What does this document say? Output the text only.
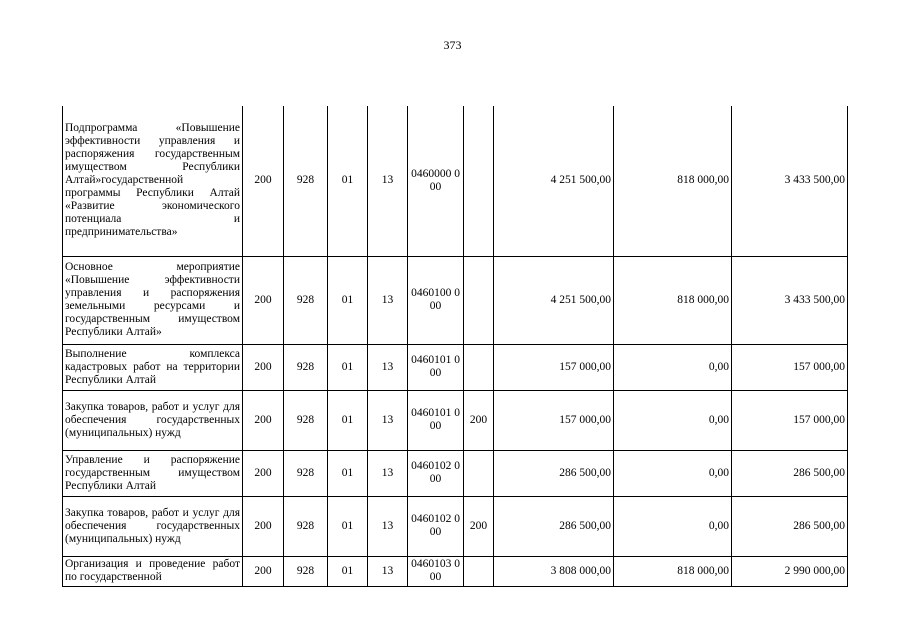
373
Подпрограмма «Повышение эффективности управления и распоряжения государственным имуществом Республики Алтай»государственной программы Республики Алтай «Развитие экономического потенциала и предпринимательства»	200	928	01	13	0460000 000		4 251 500,00	818 000,00	3 433 500,00
Основное мероприятие «Повышение эффективности управления и распоряжения земельными ресурсами и государственным имуществом Республики Алтай»	200	928	01	13	0460100 000		4 251 500,00	818 000,00	3 433 500,00
Выполнение комплекса кадастровых работ на территории Республики Алтай	200	928	01	13	0460101 000		157 000,00	0,00	157 000,00
Закупка товаров, работ и услуг для обеспечения государственных (муниципальных) нужд	200	928	01	13	0460101 000	200	157 000,00	0,00	157 000,00
Управление и распоряжение государственным имуществом Республики Алтай	200	928	01	13	0460102 000		286 500,00	0,00	286 500,00
Закупка товаров, работ и услуг для обеспечения государственных (муниципальных) нужд	200	928	01	13	0460102 000	200	286 500,00	0,00	286 500,00
Организация и проведение работ по государственной	200	928	01	13	0460103 000		3 808 000,00	818 000,00	2 990 000,00
